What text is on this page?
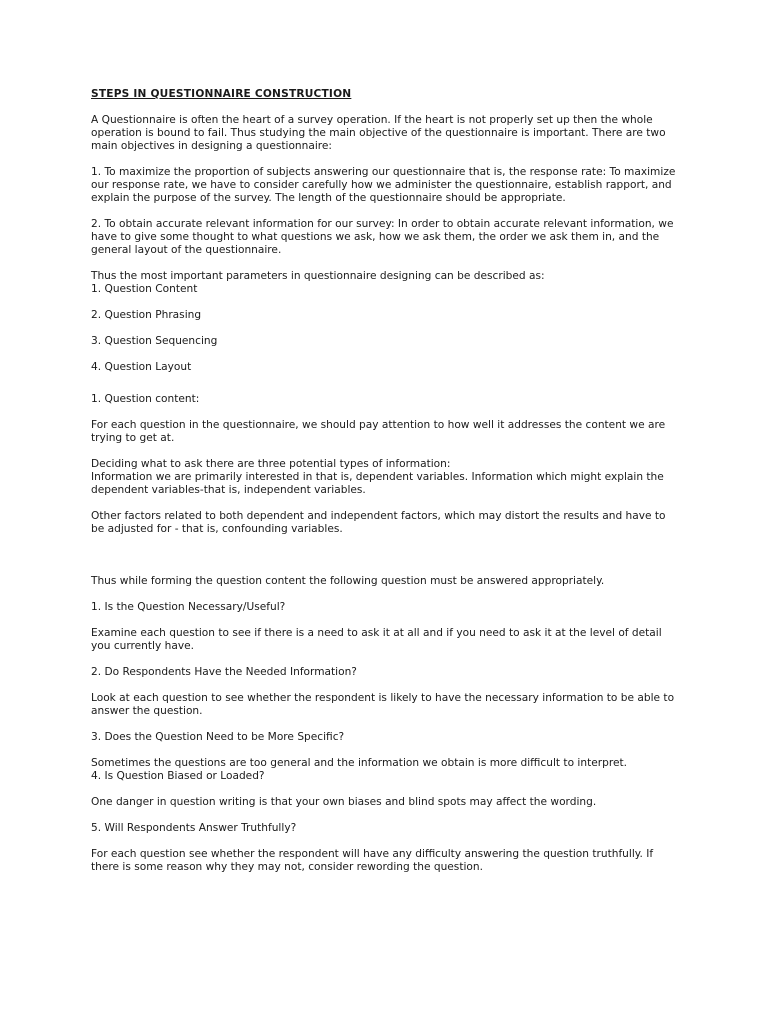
STEPS IN QUESTIONNAIRE CONSTRUCTION
A Questionnaire is often the heart of a survey operation. If the heart is not properly set up then the whole operation is bound to fail. Thus studying the main objective of the questionnaire is important. There are two main objectives in designing a questionnaire:
1. To maximize the proportion of subjects answering our questionnaire that is, the response rate: To maximize our response rate, we have to consider carefully how we administer the questionnaire, establish rapport, and explain the purpose of the survey. The length of the questionnaire should be appropriate.
2. To obtain accurate relevant information for our survey: In order to obtain accurate relevant information, we have to give some thought to what questions we ask, how we ask them, the order we ask them in, and the general layout of the questionnaire.
Thus the most important parameters in questionnaire designing can be described as:
1. Question Content
2. Question Phrasing
3. Question Sequencing
4. Question Layout
1. Question content:
For each question in the questionnaire, we should pay attention to how well it addresses the content we are trying to get at.
Deciding what to ask there are three potential types of information:
Information we are primarily interested in that is, dependent variables. Information which might explain the dependent variables-that is, independent variables.
Other factors related to both dependent and independent factors, which may distort the results and have to be adjusted for - that is, confounding variables.
Thus while forming the question content the following question must be answered appropriately.
1. Is the Question Necessary/Useful?
Examine each question to see if there is a need to ask it at all and if you need to ask it at the level of detail you currently have.
2. Do Respondents Have the Needed Information?
Look at each question to see whether the respondent is likely to have the necessary information to be able to answer the question.
3. Does the Question Need to be More Specific?
Sometimes the questions are too general and the information we obtain is more difficult to interpret.
4. Is Question Biased or Loaded?
One danger in question writing is that your own biases and blind spots may affect the wording.
5. Will Respondents Answer Truthfully?
For each question see whether the respondent will have any difficulty answering the question truthfully. If there is some reason why they may not, consider rewording the question.
